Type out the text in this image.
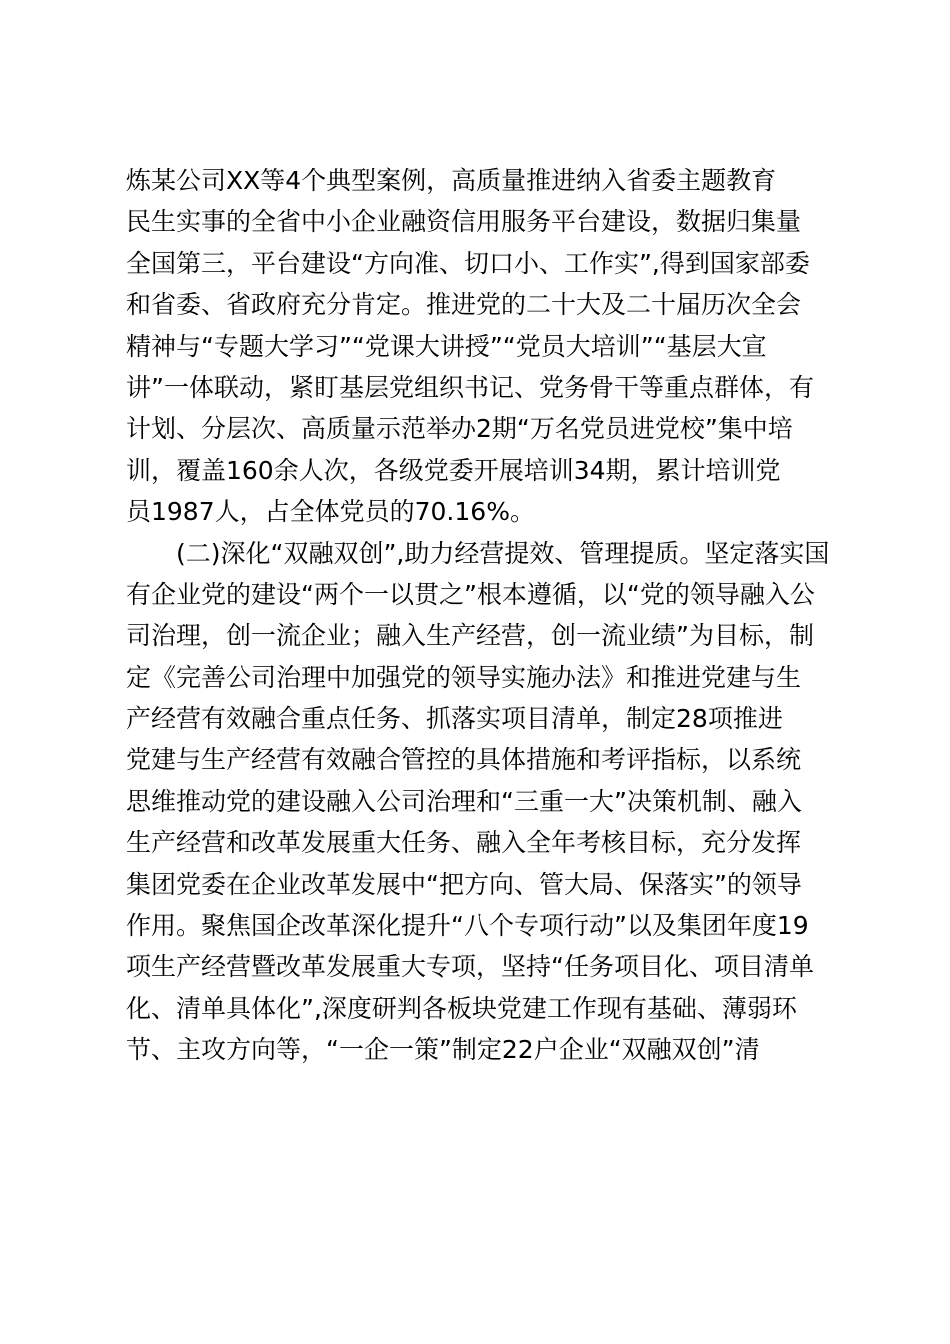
炼某公司XX等4个典型案例，高质量推进纳入省委主题教育
民生实事的全省中小企业融资信用服务平台建设，数据归集量
全国第三，平台建设“方向准、切口小、工作实”,得到国家部委
和省委、省政府充分肯定。推进党的二十大及二十届历次全会
精神与“专题大学习”“党课大讲授”“党员大培训”“基层大宣
讲”一体联动，紧盯基层党组织书记、党务骨干等重点群体，有
计划、分层次、高质量示范举办2期“万名党员进党校”集中培
训，覆盖160余人次，各级党委开展培训34期，累计培训党
员1987人，占全体党员的70.16%。
　　(二)深化“双融双创”,助力经营提效、管理提质。坚定落实国
有企业党的建设“两个一以贯之”根本遵循，以“党的领导融入公
司治理，创一流企业；融入生产经营，创一流业绩”为目标，制
定《完善公司治理中加强党的领导实施办法》和推进党建与生
产经营有效融合重点任务、抓落实项目清单，制定28项推进
党建与生产经营有效融合管控的具体措施和考评指标，以系统
思维推动党的建设融入公司治理和“三重一大”决策机制、融入
生产经营和改革发展重大任务、融入全年考核目标，充分发挥
集团党委在企业改革发展中“把方向、管大局、保落实”的领导
作用。聚焦国企改革深化提升“八个专项行动”以及集团年度19
项生产经营暨改革发展重大专项，坚持“任务项目化、项目清单
化、清单具体化”,深度研判各板块党建工作现有基础、薄弱环
节、主攻方向等，“一企一策”制定22户企业“双融双创”清
